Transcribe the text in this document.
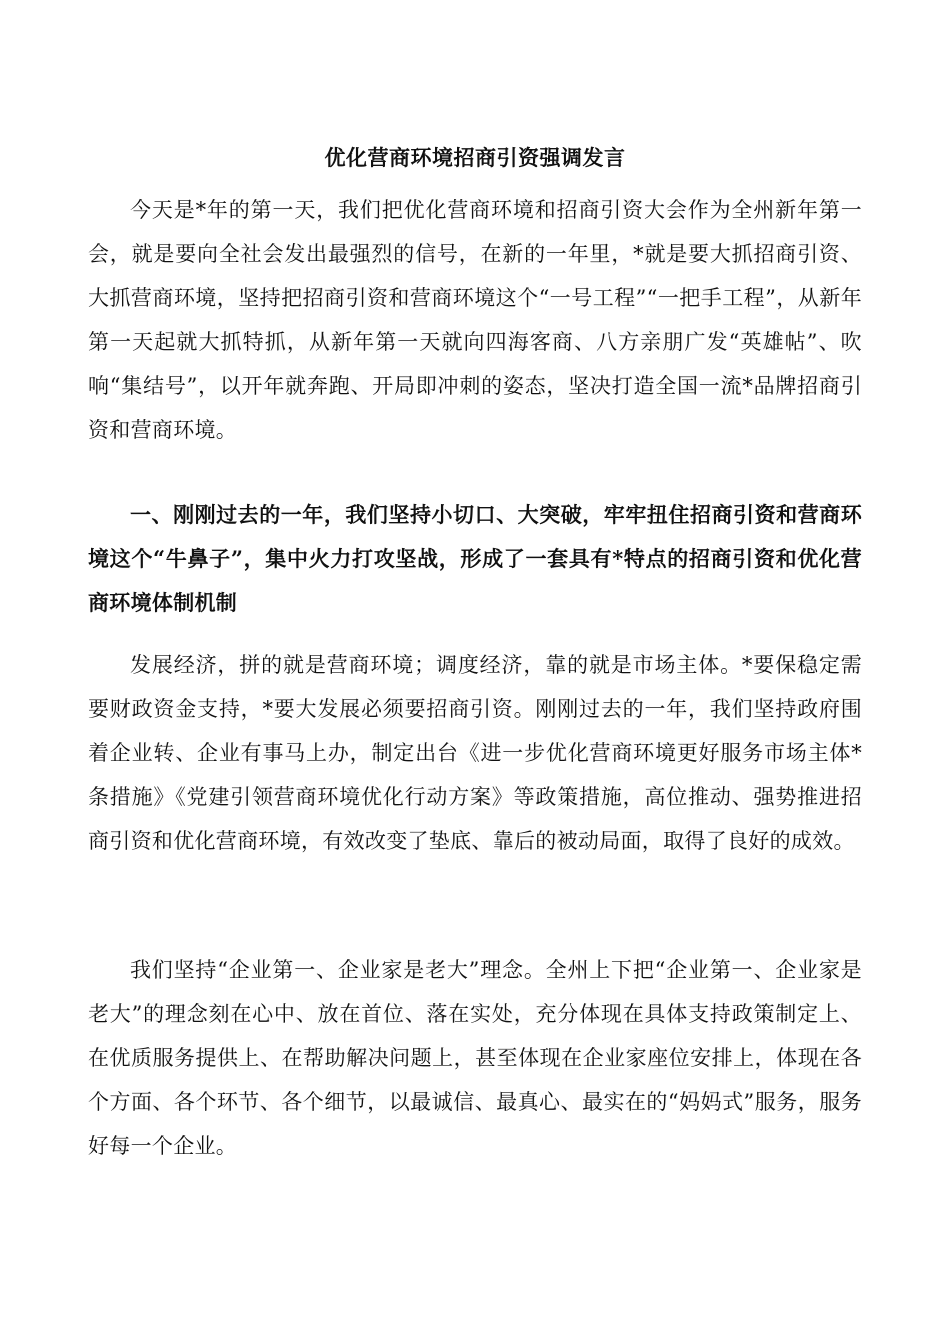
优化营商环境招商引资强调发言

今天是*年的第一天，我们把优化营商环境和招商引资大会作为全州新年第一会，就是要向全社会发出最强烈的信号，在新的一年里，*就是要大抓招商引资、大抓营商环境，坚持把招商引资和营商环境这个“一号工程”“一把手工程”，从新年第一天起就大抓特抓，从新年第一天就向四海客商、八方亲朋广发“英雄帖”、吹响“集结号”，以开年就奔跑、开局即冲刺的姿态，坚决打造全国一流*品牌招商引资和营商环境。

一、刚刚过去的一年，我们坚持小切口、大突破，牢牢扭住招商引资和营商环境这个“牛鼻子”，集中火力打攻坚战，形成了一套具有*特点的招商引资和优化营商环境体制机制

发展经济，拼的就是营商环境；调度经济，靠的就是市场主体。*要保稳定需要财政资金支持，*要大发展必须要招商引资。刚刚过去的一年，我们坚持政府围着企业转、企业有事马上办，制定出台《进一步优化营商环境更好服务市场主体*条措施》《党建引领营商环境优化行动方案》等政策措施，高位推动、强势推进招商引资和优化营商环境，有效改变了垫底、靠后的被动局面，取得了良好的成效。

我们坚持“企业第一、企业家是老大”理念。全州上下把“企业第一、企业家是老大”的理念刻在心中、放在首位、落在实处，充分体现在具体支持政策制定上、在优质服务提供上、在帮助解决问题上，甚至体现在企业家座位安排上，体现在各个方面、各个环节、各个细节，以最诚信、最真心、最实在的“妈妈式”服务，服务好每一个企业。
